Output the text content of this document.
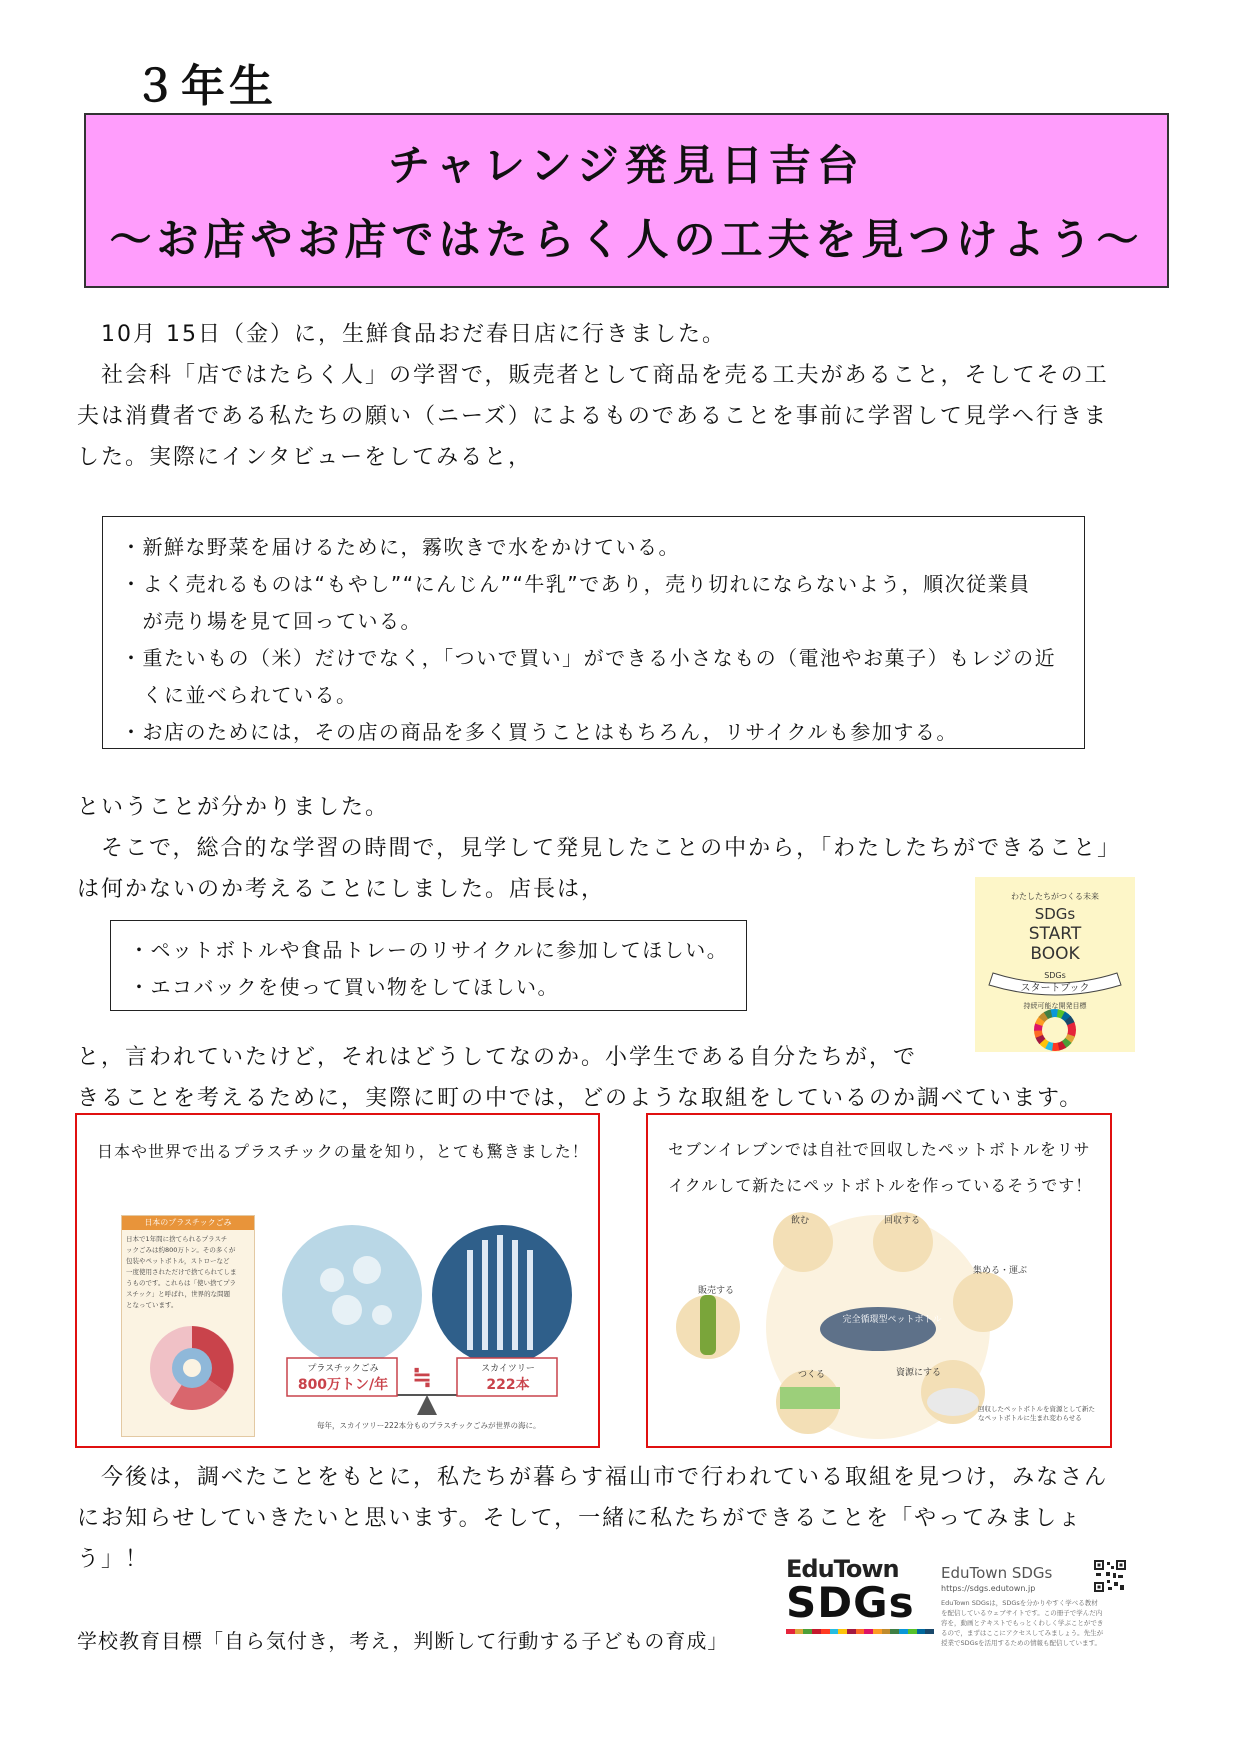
３年生
チャレンジ発見日吉台
～お店やお店ではたらく人の工夫を見つけよう～
　10月 15日（金）に，生鮮食品おだ春日店に行きました。
　社会科「店ではたらく人」の学習で，販売者として商品を売る工夫があること，そしてその工
夫は消費者である私たちの願い（ニーズ）によるものであることを事前に学習して見学へ行きま
した。実際にインタビューをしてみると，
・新鮮な野菜を届けるために，霧吹きで水をかけている。
・よく売れるものは“もやし”“にんじん”“牛乳”であり，売り切れにならないよう，順次従業員
　が売り場を見て回っている。
・重たいもの（米）だけでなく，「ついで買い」ができる小さなもの（電池やお菓子）もレジの近
　くに並べられている。
・お店のためには，その店の商品を多く買うことはもちろん，リサイクルも参加する。
ということが分かりました。
　そこで，総合的な学習の時間で，見学して発見したことの中から，「わたしたちができること」
は何かないのか考えることにしました。店長は，
・ペットボトルや食品トレーのリサイクルに参加してほしい。
・エコバックを使って買い物をしてほしい。
わたしたちがつくる未来
SDGs
START
BOOK
SDGs
スタートブック
持続可能な開発目標
と，言われていたけど，それはどうしてなのか。小学生である自分たちが，で
きることを考えるために，実際に町の中では，どのような取組をしているのか調べています。
日本や世界で出るプラスチックの量を知り，とても驚きました！
日本のプラスチックごみ
日本で1年間に捨てられるプラスチ
ックごみは約800万トン。その多くが
包装やペットボトル，ストローなど
一度使用されただけで捨てられてしま
うものです。これらは「使い捨てプラ
スチック」と呼ばれ，世界的な問題
となっています。
プラスチックごみ
800万トン/年 ≒	スカイツリー
222本
毎年，スカイツリー222本分ものプラスチックごみが世界の海に。
セブンイレブンでは自社で回収したペットボトルをリサ
イクルして新たにペットボトルを作っているそうです！
完全循環型ペットボトル
飲む	回収する
集める・運ぶ
資源にする
つくる
販売する
回収したペットボトルを資源として新たなペットボトルに生まれ変わらせる
　今後は，調べたことをもとに，私たちが暮らす福山市で行われている取組を見つけ，みなさん
にお知らせしていきたいと思います。そして，一緒に私たちができることを「やってみましょ
う」！
学校教育目標「自ら気付き，考え，判断して行動する子どもの育成」
EduTown
SDGs
EduTown SDGs
https://sdgs.edutown.jp
EduTown SDGsは，SDGsを分かりやすく学べる教材
を配信しているウェブサイトです。この冊子で学んだ内
容を，動画とテキストでもっとくわしく学ぶことができ
るので，まずはここにアクセスしてみましょう。先生が
授業でSDGsを活用するための情報も配信しています。
